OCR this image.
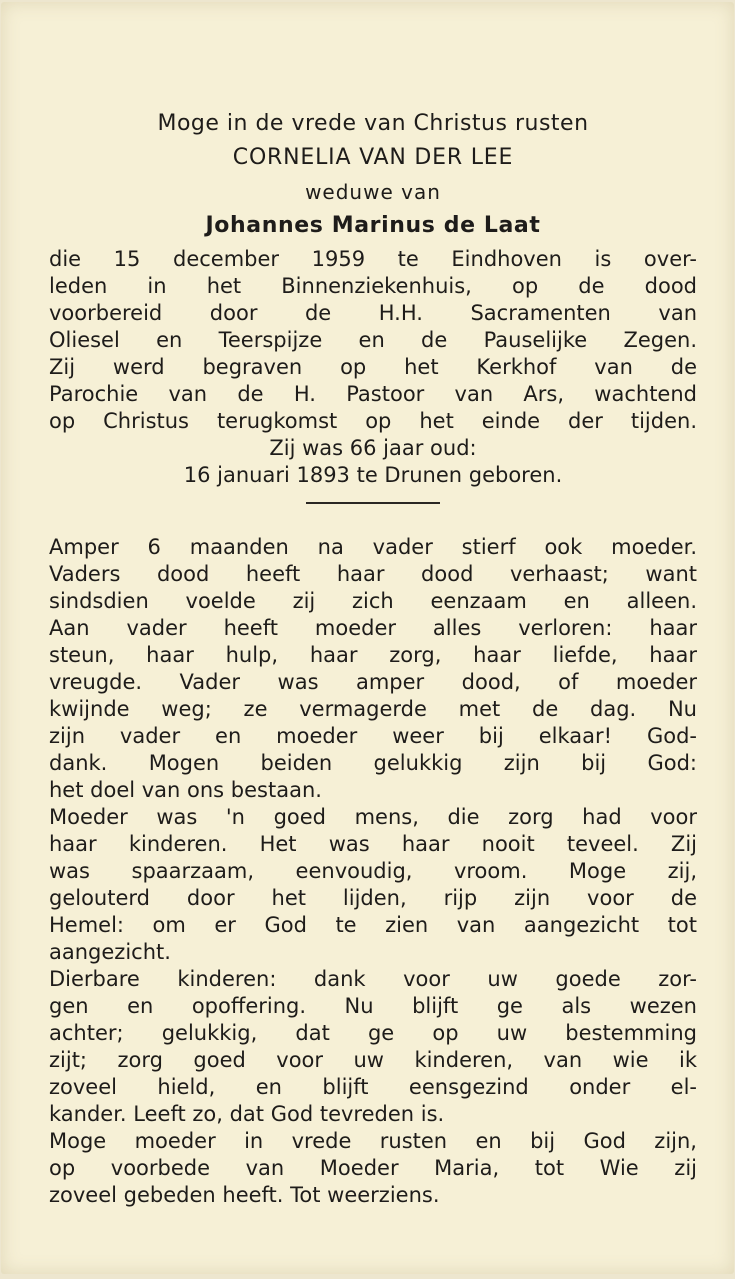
Moge in de vrede van Christus rusten

CORNELIA VAN DER LEE

weduwe van

Johannes Marinus de Laat

die 15 december 1959 te Eindhoven is over-

leden in het Binnenziekenhuis, op de dood

voorbereid door de H.H. Sacramenten van

Oliesel en Teerspijze en de Pauselijke Zegen.

Zij werd begraven op het Kerkhof van de

Parochie van de H. Pastoor van Ars, wachtend

op Christus terugkomst op het einde der tijden.

Zij was 66 jaar oud:

16 januari 1893 te Drunen geboren.

Amper 6 maanden na vader stierf ook moeder.

Vaders dood heeft haar dood verhaast; want

sindsdien voelde zij zich eenzaam en alleen.

Aan vader heeft moeder alles verloren: haar

steun, haar hulp, haar zorg, haar liefde, haar

vreugde. Vader was amper dood, of moeder

kwijnde weg; ze vermagerde met de dag. Nu

zijn vader en moeder weer bij elkaar! God-

dank. Mogen beiden gelukkig zijn bij God:

het doel van ons bestaan.

Moeder was 'n goed mens, die zorg had voor

haar kinderen. Het was haar nooit teveel. Zij

was spaarzaam, eenvoudig, vroom. Moge zij,

gelouterd door het lijden, rijp zijn voor de

Hemel: om er God te zien van aangezicht tot

aangezicht.

Dierbare kinderen: dank voor uw goede zor-

gen en opoffering. Nu blijft ge als wezen

achter; gelukkig, dat ge op uw bestemming

zijt; zorg goed voor uw kinderen, van wie ik

zoveel hield, en blijft eensgezind onder el-

kander. Leeft zo, dat God tevreden is.

Moge moeder in vrede rusten en bij God zijn,

op voorbede van Moeder Maria, tot Wie zij

zoveel gebeden heeft. Tot weerziens.
